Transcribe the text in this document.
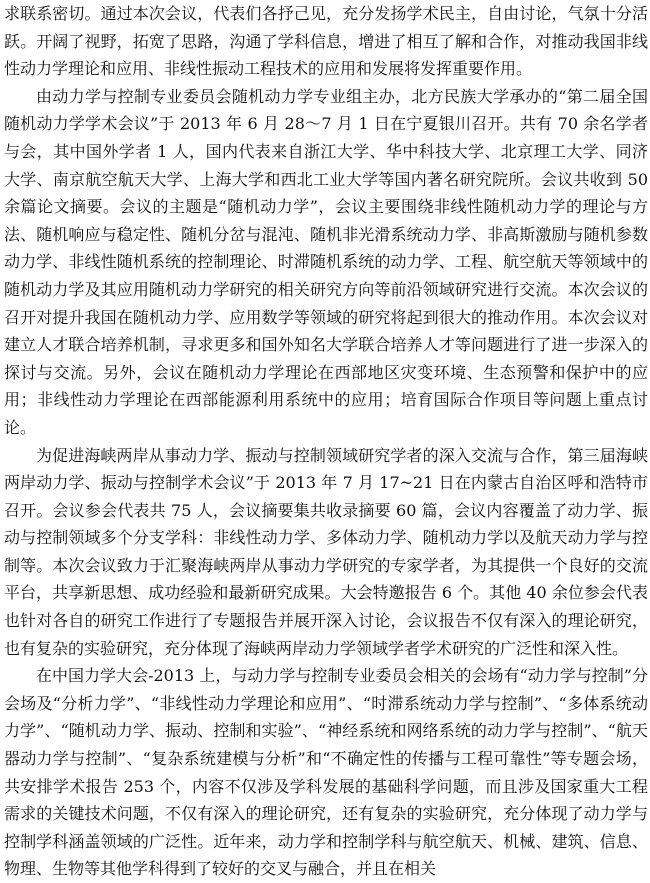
求联系密切。通过本次会议，代表们各抒己见，充分发扬学术民主，自由讨论，气氛十分活跃。开阔了视野，拓宽了思路，沟通了学科信息，增进了相互了解和合作，对推动我国非线性动力学理论和应用、非线性振动工程技术的应用和发展将发挥重要作用。

由动力学与控制专业委员会随机动力学专业组主办，北方民族大学承办的“第二届全国随机动力学学术会议”于 2013 年 6 月 28～7 月 1 日在宁夏银川召开。共有 70 余名学者与会，其中国外学者 1 人，国内代表来自浙江大学、华中科技大学、北京理工大学、同济大学、南京航空航天大学、上海大学和西北工业大学等国内著名研究院所。会议共收到 50 余篇论文摘要。会议的主题是“随机动力学”，会议主要围绕非线性随机动力学的理论与方法、随机响应与稳定性、随机分岔与混沌、随机非光滑系统动力学、非高斯激励与随机参数动力学、非线性随机系统的控制理论、时滞随机系统的动力学、工程、航空航天等领域中的随机动力学及其应用随机动力学研究的相关研究方向等前沿领域研究进行交流。本次会议的召开对提升我国在随机动力学、应用数学等领域的研究将起到很大的推动作用。本次会议对建立人才联合培养机制，寻求更多和国外知名大学联合培养人才等问题进行了进一步深入的探讨与交流。另外，会议在随机动力学理论在西部地区灾变环境、生态预警和保护中的应用；非线性动力学理论在西部能源利用系统中的应用；培育国际合作项目等问题上重点讨论。

为促进海峡两岸从事动力学、振动与控制领域研究学者的深入交流与合作，第三届海峡两岸动力学、振动与控制学术会议”于 2013 年 7 月 17~21 日在内蒙古自治区呼和浩特市召开。会议参会代表共 75 人，会议摘要集共收录摘要 60 篇，会议内容覆盖了动力学、振动与控制领域多个分支学科：非线性动力学、多体动力学、随机动力学以及航天动力学与控制等。本次会议致力于汇聚海峡两岸从事动力学研究的专家学者，为其提供一个良好的交流平台，共享新思想、成功经验和最新研究成果。大会特邀报告 6 个。其他 40 余位参会代表也针对各自的研究工作进行了专题报告并展开深入讨论，会议报告不仅有深入的理论研究，也有复杂的实验研究，充分体现了海峡两岸动力学领域学者学术研究的广泛性和深入性。

在中国力学大会-2013 上，与动力学与控制专业委员会相关的会场有“动力学与控制”分会场及“分析力学”、“非线性动力学理论和应用”、“时滞系统动力学与控制”、“多体系统动力学”、“随机动力学、振动、控制和实验”、“神经系统和网络系统的动力学与控制”、“航天器动力学与控制”、“复杂系统建模与分析”和“不确定性的传播与工程可靠性”等专题会场，共安排学术报告 253 个，内容不仅涉及学科发展的基础科学问题，而且涉及国家重大工程需求的关键技术问题，不仅有深入的理论研究，还有复杂的实验研究，充分体现了动力学与控制学科涵盖领域的广泛性。近年来，动力学和控制学科与航空航天、机械、建筑、信息、物理、生物等其他学科得到了较好的交叉与融合，并且在相关
